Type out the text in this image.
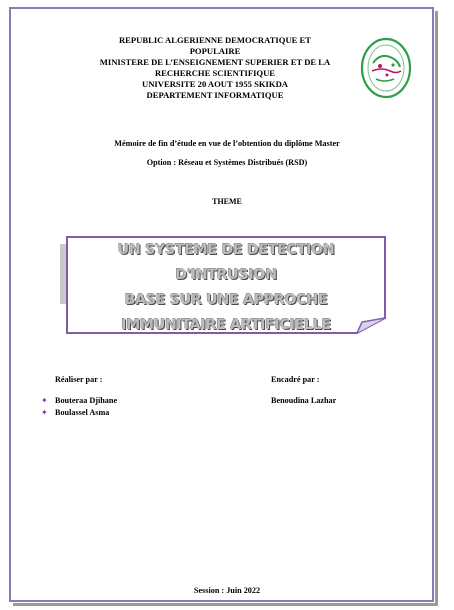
REPUBLIC ALGERIENNE DEMOCRATIQUE ET
POPULAIRE
MINISTERE DE L’ENSEIGNEMENT SUPERIER ET DE LA
RECHERCHE SCIENTIFIQUE
UNIVERSITE 20 AOUT 1955 SKIKDA
DEPARTEMENT INFORMATIQUE
Mémoire de fin d’étude en vue de l’obtention du diplôme Master
Option : Réseau et Systèmes Distribués (RSD)
THEME
UN SYSTEME DE DETECTION D'INTRUSION
BASE SUR UNE APPROCHE
IMMUNITAIRE ARTIFICIELLE
Réaliser par :	Encadré par :
✦ Bouteraa Djihane
✦ Boulassel Asma
Benoudina Lazhar
Session : Juin 2022
